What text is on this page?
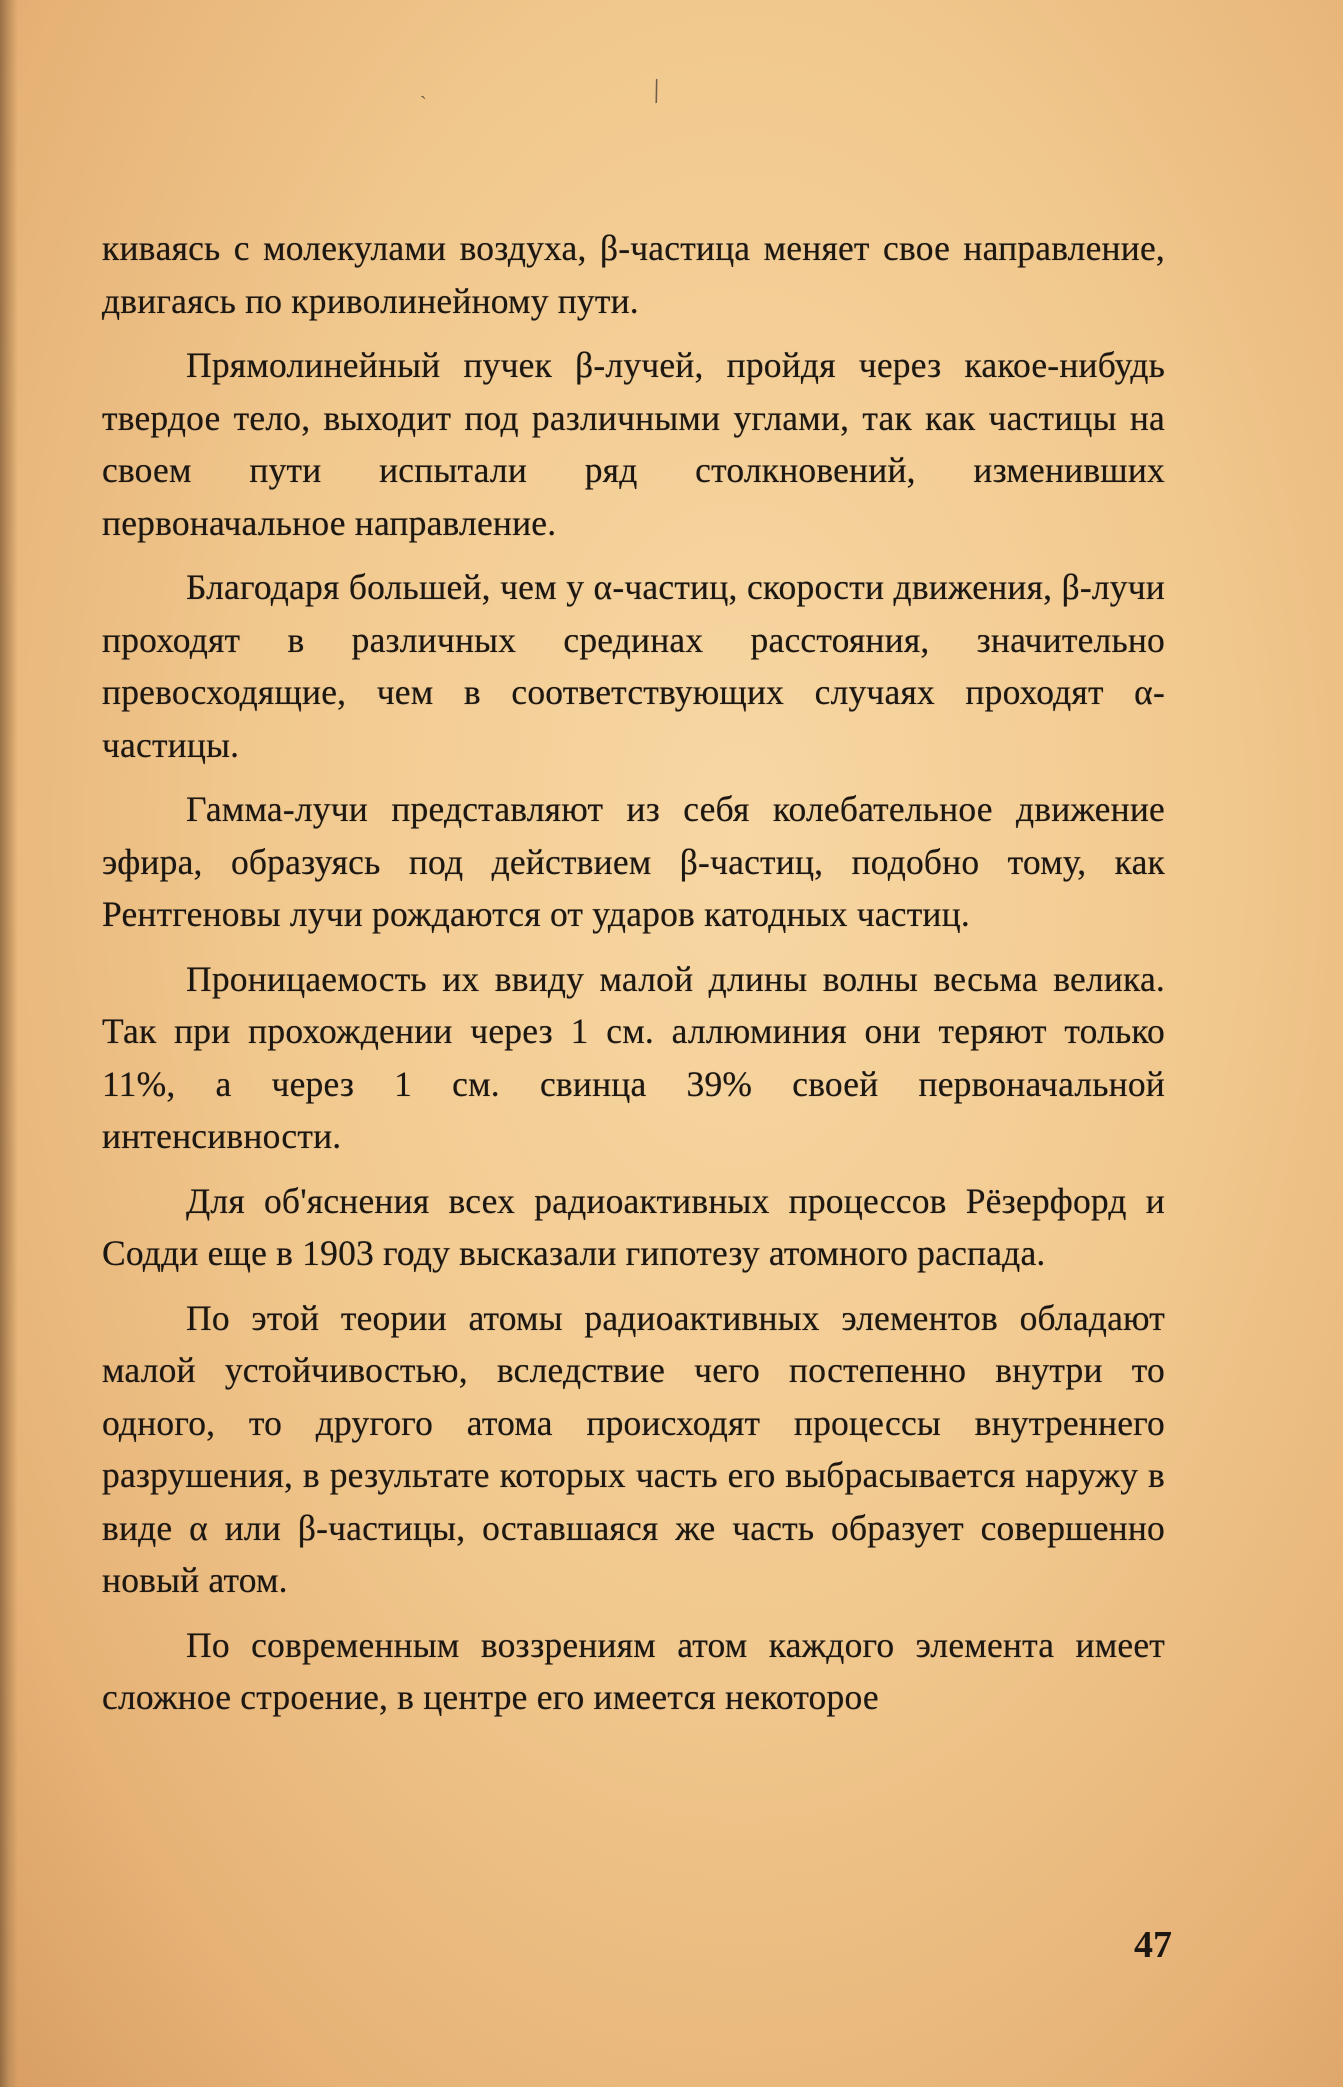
/
`

кивaясь с молекулами воздуха, β-частица меняет свое направление, двигаясь по криволинейному пути.

Прямолинейный пучек β-лучей, пройдя через какое-нибудь твердое тело, выходит под различными углами, так как частицы на своем пути испытали ряд столкновений, изменивших первоначальное направление.

Благодаря большей, чем у α-частиц, скорости движения, β-лучи проходят в различных срединах расстояния, значительно превосходящие, чем в соответствующих случаях проходят α-частицы.

Гамма-лучи представляют из себя колебательное движение эфира, образуясь под действием β-частиц, подобно тому, как Рентгеновы лучи рождаются от ударов катодных частиц.

Проницаемость их ввиду малой длины волны весьма велика. Так при прохождении через 1 см. аллюминия они теряют только 11%, а через 1 см. свинца 39% своей первоначальной интенсивности.

Для об'яснения всех радиоактивных процессов Рёзерфорд и Содди еще в 1903 году высказали гипотезу атомного распада.

По этой теории атомы радиоактивных элементов обладают малой устойчивостью, вследствие чего постепенно внутри то одного, то другого атома происходят процессы внутреннего разрушения, в результате которых часть его выбрасывается наружу в виде α или β-частицы, оставшаяся же часть образует совершенно новый атом.

По современным воззрениям атом каждого элемента имеет сложное строение, в центре его имеется некоторое

47
